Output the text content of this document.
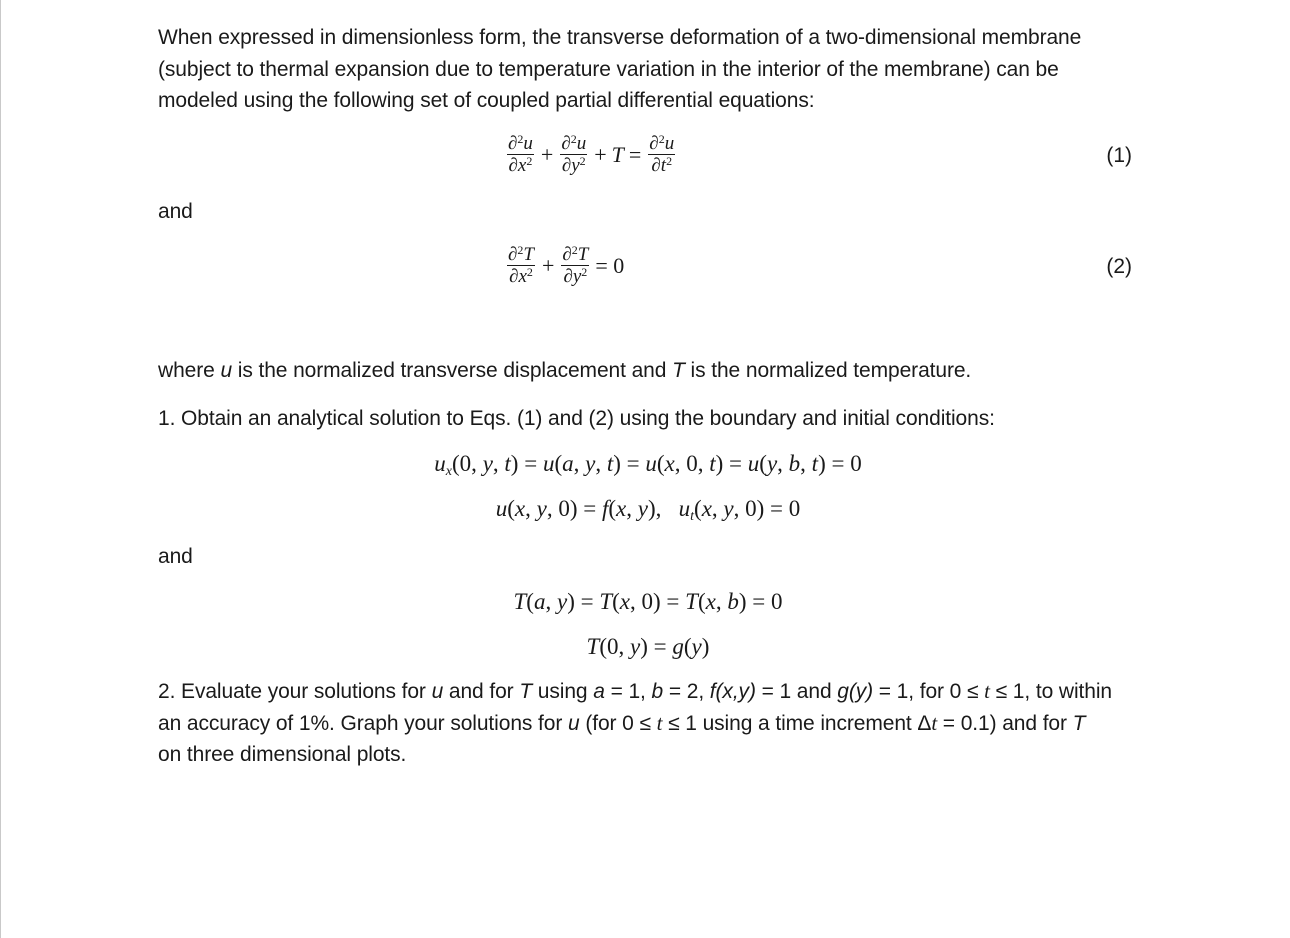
When expressed in dimensionless form, the transverse deformation of a two-dimensional membrane
(subject to thermal expansion due to temperature variation in the interior of the membrane) can be
modeled using the following set of coupled partial differential equations:
$\frac{\partial^2u}{\partial x^2} + \frac{\partial^2u}{\partial y^2} + T = \frac{\partial^2u}{\partial t^2}$	(1)
and
$\frac{\partial^2T}{\partial x^2} + \frac{\partial^2T}{\partial y^2} = 0$	(2)
where u is the normalized transverse displacement and T is the normalized temperature.
1. Obtain an analytical solution to Eqs. (1) and (2) using the boundary and initial conditions:
$u_x(0$, y, t) = u(a, y, t) = u(x, 0, t) = u(y, b, t) = 0
u(x, y, 0) = f(x, y),   $u_t(x$, y, 0) = 0
and
T(a, y) = T(x, 0) = T(x, b) = 0
T(0, y) = g(y)
2. Evaluate your solutions for u and for T using a = 1, b = 2, f(x,y) = 1 and g(y) = 1, for 0 ≤ t ≤ 1, to within
an accuracy of 1%. Graph your solutions for u (for 0 ≤ t ≤ 1 using a time increment Δt = 0.1) and for T
on three dimensional plots.
